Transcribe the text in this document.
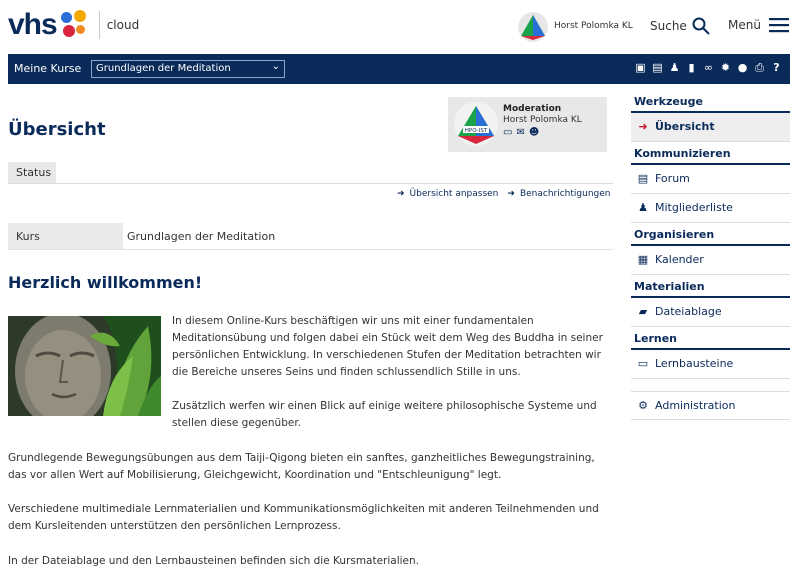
vhs	cloud	Horst Polomka KL Suche	Menü
Meine Kurse	Grundlagen der Meditation	⌄	▣ ▤ ♟ ▮ ∞ ✹ ● ⎙ ?
Übersicht	HPO-IST
Moderation
Horst Polomka KL
▭ ✉ ☻
Status
➜ Übersicht anpassen ➜ Benachrichtigungen
Kurs	Grundlagen der Meditation
Herzlich willkommen!

In diesem Online-Kurs beschäftigen wir uns mit einer fundamentalen Meditationsübung und folgen dabei ein Stück weit dem Weg des Buddha in seiner persönlichen Entwicklung. In verschiedenen Stufen der Meditation betrachten wir die Bereiche unseres Seins und finden schlussendlich Stille in uns.

Zusätzlich werfen wir einen Blick auf einige weitere philosophische Systeme und stellen diese gegenüber.

Grundlegende Bewegungsübungen aus dem Taiji-Qigong bieten ein sanftes, ganzheitliches Bewegungstraining, das vor allen Wert auf Mobilisierung, Gleichgewicht, Koordination und "Entschleunigung" legt.

Verschiedene multimediale Lernmaterialien und Kommunikationsmöglichkeiten mit anderen Teilnehmenden und dem Kursleitenden unterstützen den persönlichen Lernprozess.

In der Dateiablage und den Lernbausteinen befinden sich die Kursmaterialien.

Werkzeuge
➜ Übersicht
Kommunizieren
▤ Forum
♟ Mitgliederliste
Organisieren
▦ Kalender
Materialien
▰ Dateiablage
Lernen
▭ Lernbausteine
⚙ Administration
